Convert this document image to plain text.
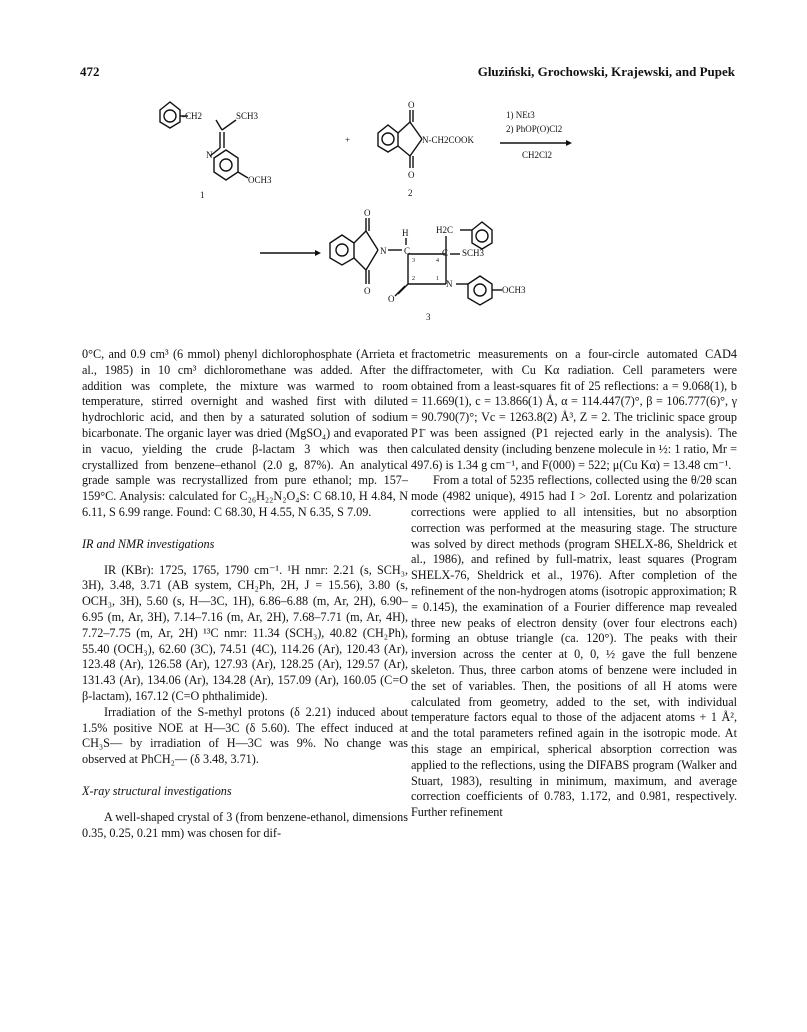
472	Gluziński, Grochowski, Krajewski, and Pupek
-CH2	SCH3
N
OCH3
1
+
O
N-CH2COOK
O
2
1) NEt3
2) PhOP(O)Cl2
CH2Cl2
O
O
H	H2C
N C
3
C
4
SCH3
2	1 N
O
OCH3
3

0°C, and 0.9 cm³ (6 mmol) phenyl dichlorophosphate (Arrieta et al., 1985) in 10 cm³ dichloromethane was added. After the addition was complete, the mixture was warmed to room temperature, stirred overnight and washed first with diluted hydrochloric acid, and then by a saturated solution of sodium bicarbonate. The organic layer was dried (MgSO₄) and evaporated in vacuo, yielding the crude β-lactam 3 which was then crystallized from benzene–ethanol (2.0 g, 87%). An analytical grade sample was recrystallized from pure ethanol; mp. 157–159°C. Analysis: calculated for C₂₆H₂₂N₂O₄S: C 68.10, H 4.84, N 6.11, S 6.99 range. Found: C 68.30, H 4.55, N 6.35, S 7.09.

IR and NMR investigations

IR (KBr): 1725, 1765, 1790 cm⁻¹. ¹H nmr: 2.21 (s, SCH₃, 3H), 3.48, 3.71 (AB system, CH₂Ph, 2H, J = 15.56), 3.80 (s, OCH₃, 3H), 5.60 (s, H—3C, 1H), 6.86–6.88 (m, Ar, 2H), 6.90–6.95 (m, Ar, 3H), 7.14–7.16 (m, Ar, 2H), 7.68–7.71 (m, Ar, 4H), 7.72–7.75 (m, Ar, 2H) ¹³C nmr: 11.34 (SCH₃), 40.82 (CH₂Ph), 55.40 (OCH₃), 62.60 (3C), 74.51 (4C), 114.26 (Ar), 120.43 (Ar), 123.48 (Ar), 126.58 (Ar), 127.93 (Ar), 128.25 (Ar), 129.57 (Ar), 131.43 (Ar), 134.06 (Ar), 134.28 (Ar), 157.09 (Ar), 160.05 (C=O β-lactam), 167.12 (C=O phthalimide).

Irradiation of the S-methyl protons (δ 2.21) induced about 1.5% positive NOE at H—3C (δ 5.60). The effect induced at CH₃S— by irradiation of H—3C was 9%. No change was observed at PhCH₂— (δ 3.48, 3.71).

X-ray structural investigations

A well-shaped crystal of 3 (from benzene-ethanol, dimensions 0.35, 0.25, 0.21 mm) was chosen for dif-

fractometric measurements on a four-circle automated CAD4 diffractometer, with Cu Kα radiation. Cell parameters were obtained from a least-squares fit of 25 reflections: a = 9.068(1), b = 11.669(1), c = 13.866(1) Å, α = 114.447(7)°, β = 106.777(6)°, γ = 90.790(7)°; Vc = 1263.8(2) Å³, Z = 2. The triclinic space group P1̄ was been assigned (P1 rejected early in the analysis). The calculated density (including benzene molecule in ½: 1 ratio, Mr = 497.6) is 1.34 g cm⁻¹, and F(000) = 522; μ(Cu Kα) = 13.48 cm⁻¹.

From a total of 5235 reflections, collected using the θ/2θ scan mode (4982 unique), 4915 had I > 2σI. Lorentz and polarization corrections were applied to all intensities, but no absorption correction was performed at the measuring stage. The structure was solved by direct methods (program SHELX-86, Sheldrick et al., 1986), and refined by full-matrix, least squares (Program SHELX-76, Sheldrick et al., 1976). After completion of the refinement of the non-hydrogen atoms (isotropic approximation; R = 0.145), the examination of a Fourier difference map revealed three new peaks of electron density (over four electrons each) forming an obtuse triangle (ca. 120°). The peaks with their inversion across the center at 0, 0, ½ gave the full benzene skeleton. Thus, three carbon atoms of benzene were included in the set of variables. Then, the positions of all H atoms were calculated from geometry, added to the set, with individual temperature factors equal to those of the adjacent atoms + 1 Å², and the total parameters refined again in the isotropic mode. At this stage an empirical, spherical absorption correction was applied to the reflections, using the DIFABS program (Walker and Stuart, 1983), resulting in minimum, maximum, and average correction coefficients of 0.783, 1.172, and 0.981, respectively. Further refinement
